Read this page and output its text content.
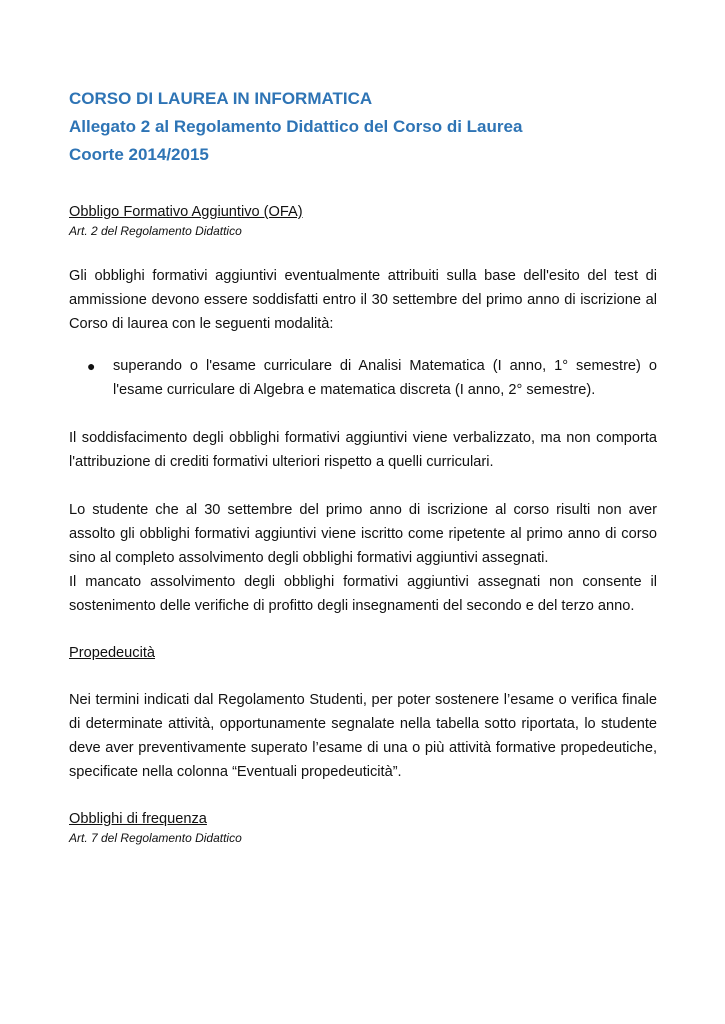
CORSO DI LAUREA IN INFORMATICA

Allegato 2 al Regolamento Didattico del Corso di Laurea

Coorte 2014/2015

Obbligo Formativo Aggiuntivo (OFA)

Art. 2 del Regolamento Didattico

Gli obblighi formativi aggiuntivi eventualmente attribuiti sulla base dell'esito del test di ammissione devono essere soddisfatti entro il 30 settembre del primo anno di iscrizione al Corso di laurea con le seguenti modalità:

●	superando o l'esame curriculare di Analisi Matematica (I anno, 1° semestre) o l'esame curriculare di Algebra e matematica discreta (I anno, 2° semestre).

Il soddisfacimento degli obblighi formativi aggiuntivi viene verbalizzato, ma non comporta l'attribuzione di crediti formativi ulteriori rispetto a quelli curriculari.

Lo studente che al 30 settembre del primo anno di iscrizione al corso risulti non aver assolto gli obblighi formativi aggiuntivi viene iscritto come ripetente al primo anno di corso sino al completo assolvimento degli obblighi formativi aggiuntivi assegnati.

Il mancato assolvimento degli obblighi formativi aggiuntivi assegnati non consente il sostenimento delle verifiche di profitto degli insegnamenti del secondo e del terzo anno.

Propedeucità

Nei termini indicati dal Regolamento Studenti, per poter sostenere l’esame o verifica finale di determinate attività, opportunamente segnalate nella tabella sotto riportata, lo studente deve aver preventivamente superato l’esame di una o più attività formative propedeutiche, specificate nella colonna “Eventuali propedeuticità”.

Obblighi di frequenza

Art. 7 del Regolamento Didattico
